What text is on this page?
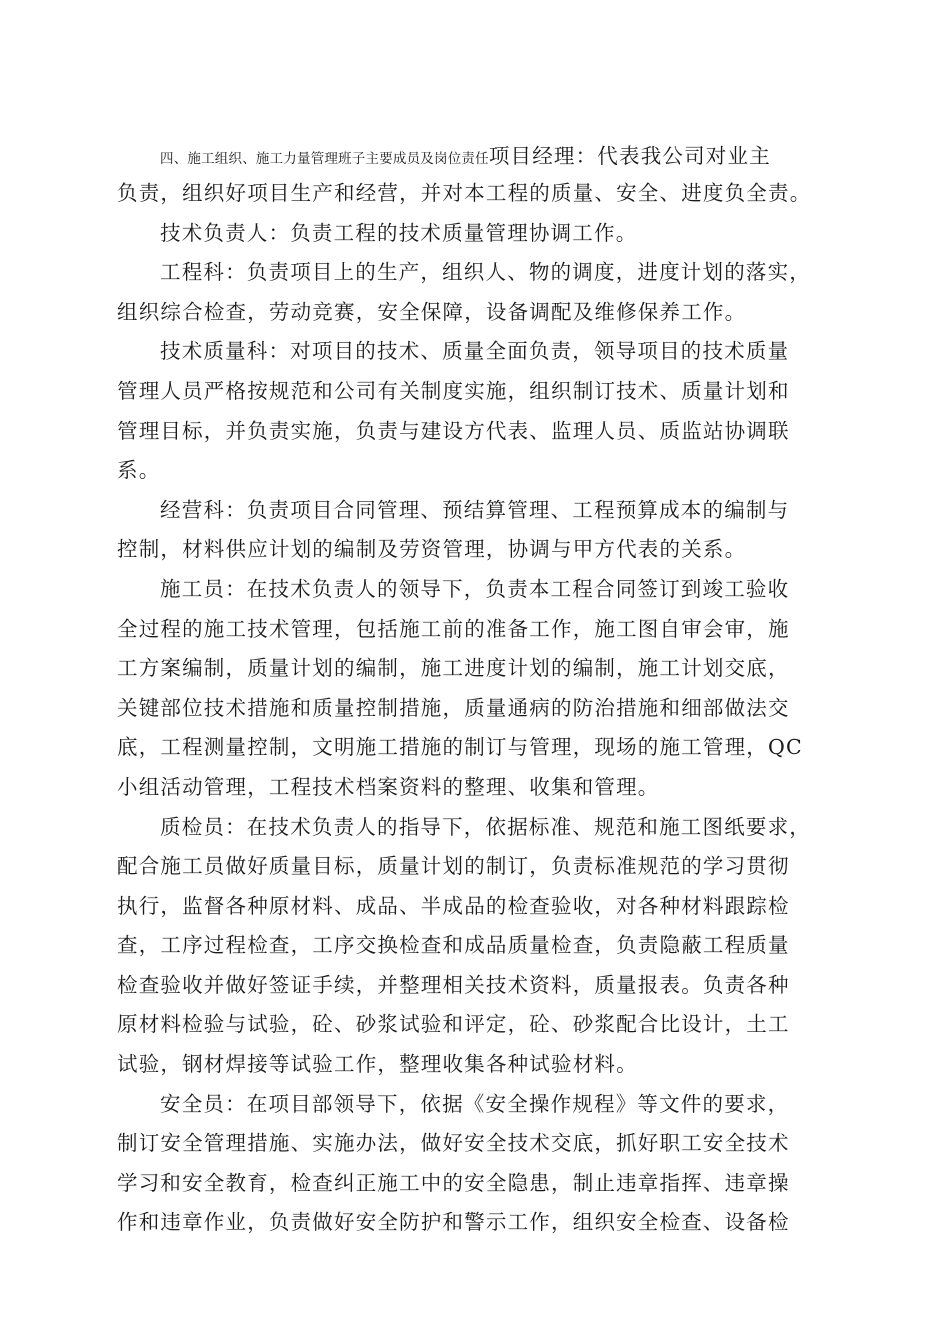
四、施工组织、施工力量管理班子主要成员及岗位责任项目经理：代表我公司对业主
负责，组织好项目生产和经营，并对本工程的质量、安全、进度负全责。
技术负责人：负责工程的技术质量管理协调工作。
工程科：负责项目上的生产，组织人、物的调度，进度计划的落实，
组织综合检查，劳动竞赛，安全保障，设备调配及维修保养工作。
技术质量科：对项目的技术、质量全面负责，领导项目的技术质量
管理人员严格按规范和公司有关制度实施，组织制订技术、质量计划和
管理目标，并负责实施，负责与建设方代表、监理人员、质监站协调联
系。
经营科：负责项目合同管理、预结算管理、工程预算成本的编制与
控制，材料供应计划的编制及劳资管理，协调与甲方代表的关系。
施工员：在技术负责人的领导下，负责本工程合同签订到竣工验收
全过程的施工技术管理，包括施工前的准备工作，施工图自审会审，施
工方案编制，质量计划的编制，施工进度计划的编制，施工计划交底，
关键部位技术措施和质量控制措施，质量通病的防治措施和细部做法交
底，工程测量控制，文明施工措施的制订与管理，现场的施工管理，QC
小组活动管理，工程技术档案资料的整理、收集和管理。
质检员：在技术负责人的指导下，依据标准、规范和施工图纸要求，
配合施工员做好质量目标，质量计划的制订，负责标准规范的学习贯彻
执行，监督各种原材料、成品、半成品的检查验收，对各种材料跟踪检
查，工序过程检查，工序交换检查和成品质量检查，负责隐蔽工程质量
检查验收并做好签证手续，并整理相关技术资料，质量报表。负责各种
原材料检验与试验，砼、砂浆试验和评定，砼、砂浆配合比设计，土工
试验，钢材焊接等试验工作，整理收集各种试验材料。
安全员：在项目部领导下，依据《安全操作规程》等文件的要求，
制订安全管理措施、实施办法，做好安全技术交底，抓好职工安全技术
学习和安全教育，检查纠正施工中的安全隐患，制止违章指挥、违章操
作和违章作业，负责做好安全防护和警示工作，组织安全检查、设备检
